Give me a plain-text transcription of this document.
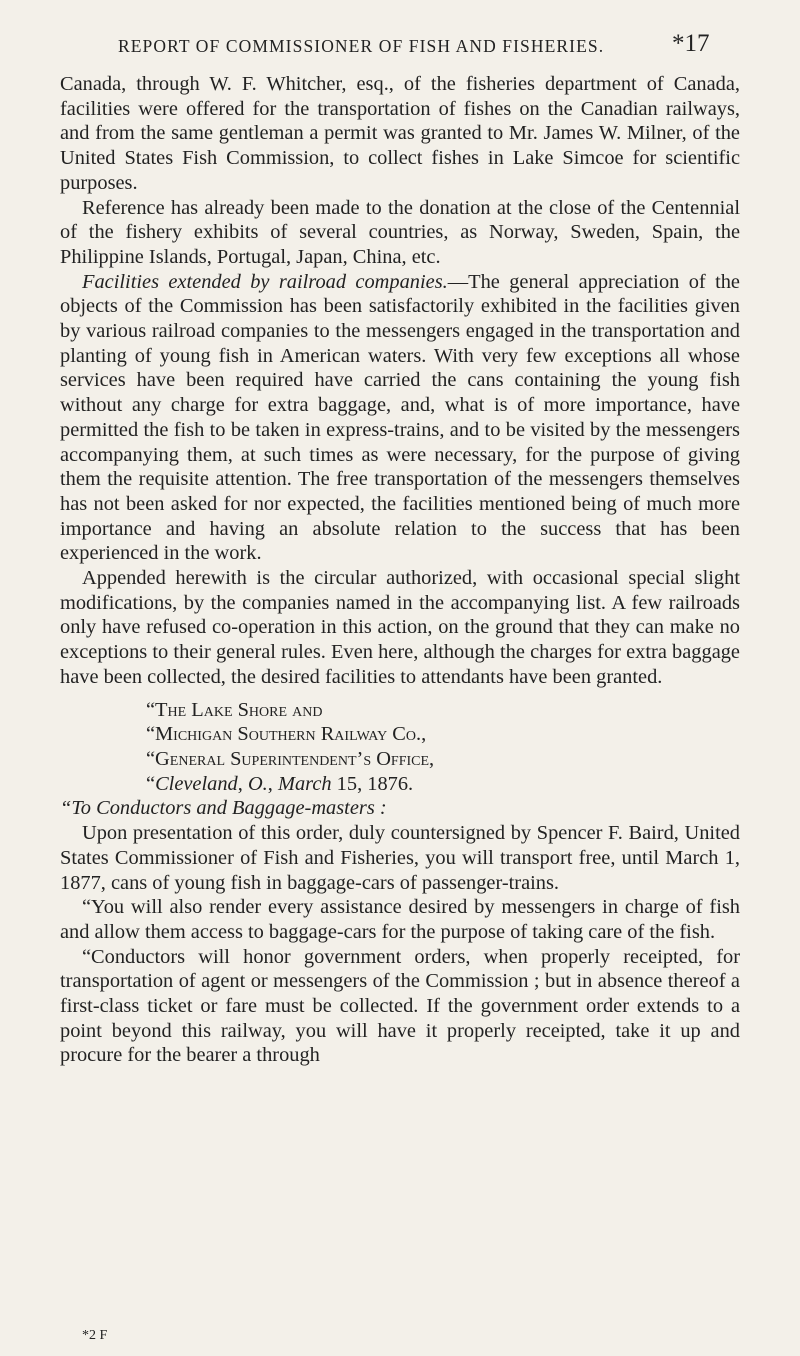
REPORT OF COMMISSIONER OF FISH AND FISHERIES.	*17

Canada, through W. F. Whitcher, esq., of the fisheries department of Canada, facilities were offered for the transportation of fishes on the Canadian railways, and from the same gentleman a permit was granted to Mr. James W. Milner, of the United States Fish Commission, to collect fishes in Lake Simcoe for scientific purposes.

Reference has already been made to the donation at the close of the Centennial of the fishery exhibits of several countries, as Norway, Sweden, Spain, the Philippine Islands, Portugal, Japan, China, etc.

Facilities extended by railroad companies.—The general appreciation of the objects of the Commission has been satisfactorily exhibited in the facilities given by various railroad companies to the messengers engaged in the transportation and planting of young fish in American waters. With very few exceptions all whose services have been required have carried the cans containing the young fish without any charge for extra baggage, and, what is of more importance, have permitted the fish to be taken in express-trains, and to be visited by the messengers accompanying them, at such times as were necessary, for the purpose of giving them the requisite attention. The free transportation of the messengers themselves has not been asked for nor expected, the facilities mentioned being of much more importance and having an absolute relation to the success that has been experienced in the work.

Appended herewith is the circular authorized, with occasional special slight modifications, by the companies named in the accompanying list. A few railroads only have refused co-operation in this action, on the ground that they can make no exceptions to their general rules. Even here, although the charges for extra baggage have been collected, the desired facilities to attendants have been granted.

“The Lake Shore and
“Michigan Southern Railway Co.,
“General Superintendent’s Office,
“Cleveland, O., March 15, 1876.

“To Conductors and Baggage-masters :

Upon presentation of this order, duly countersigned by Spencer F. Baird, United States Commissioner of Fish and Fisheries, you will transport free, until March 1, 1877, cans of young fish in baggage-cars of passenger-trains.

“You will also render every assistance desired by messengers in charge of fish and allow them access to baggage-cars for the purpose of taking care of the fish.

“Conductors will honor government orders, when properly receipted, for transportation of agent or messengers of the Commission ; but in absence thereof a first-class ticket or fare must be collected. If the government order extends to a point beyond this railway, you will have it properly receipted, take it up and procure for the bearer a through

*2 F
